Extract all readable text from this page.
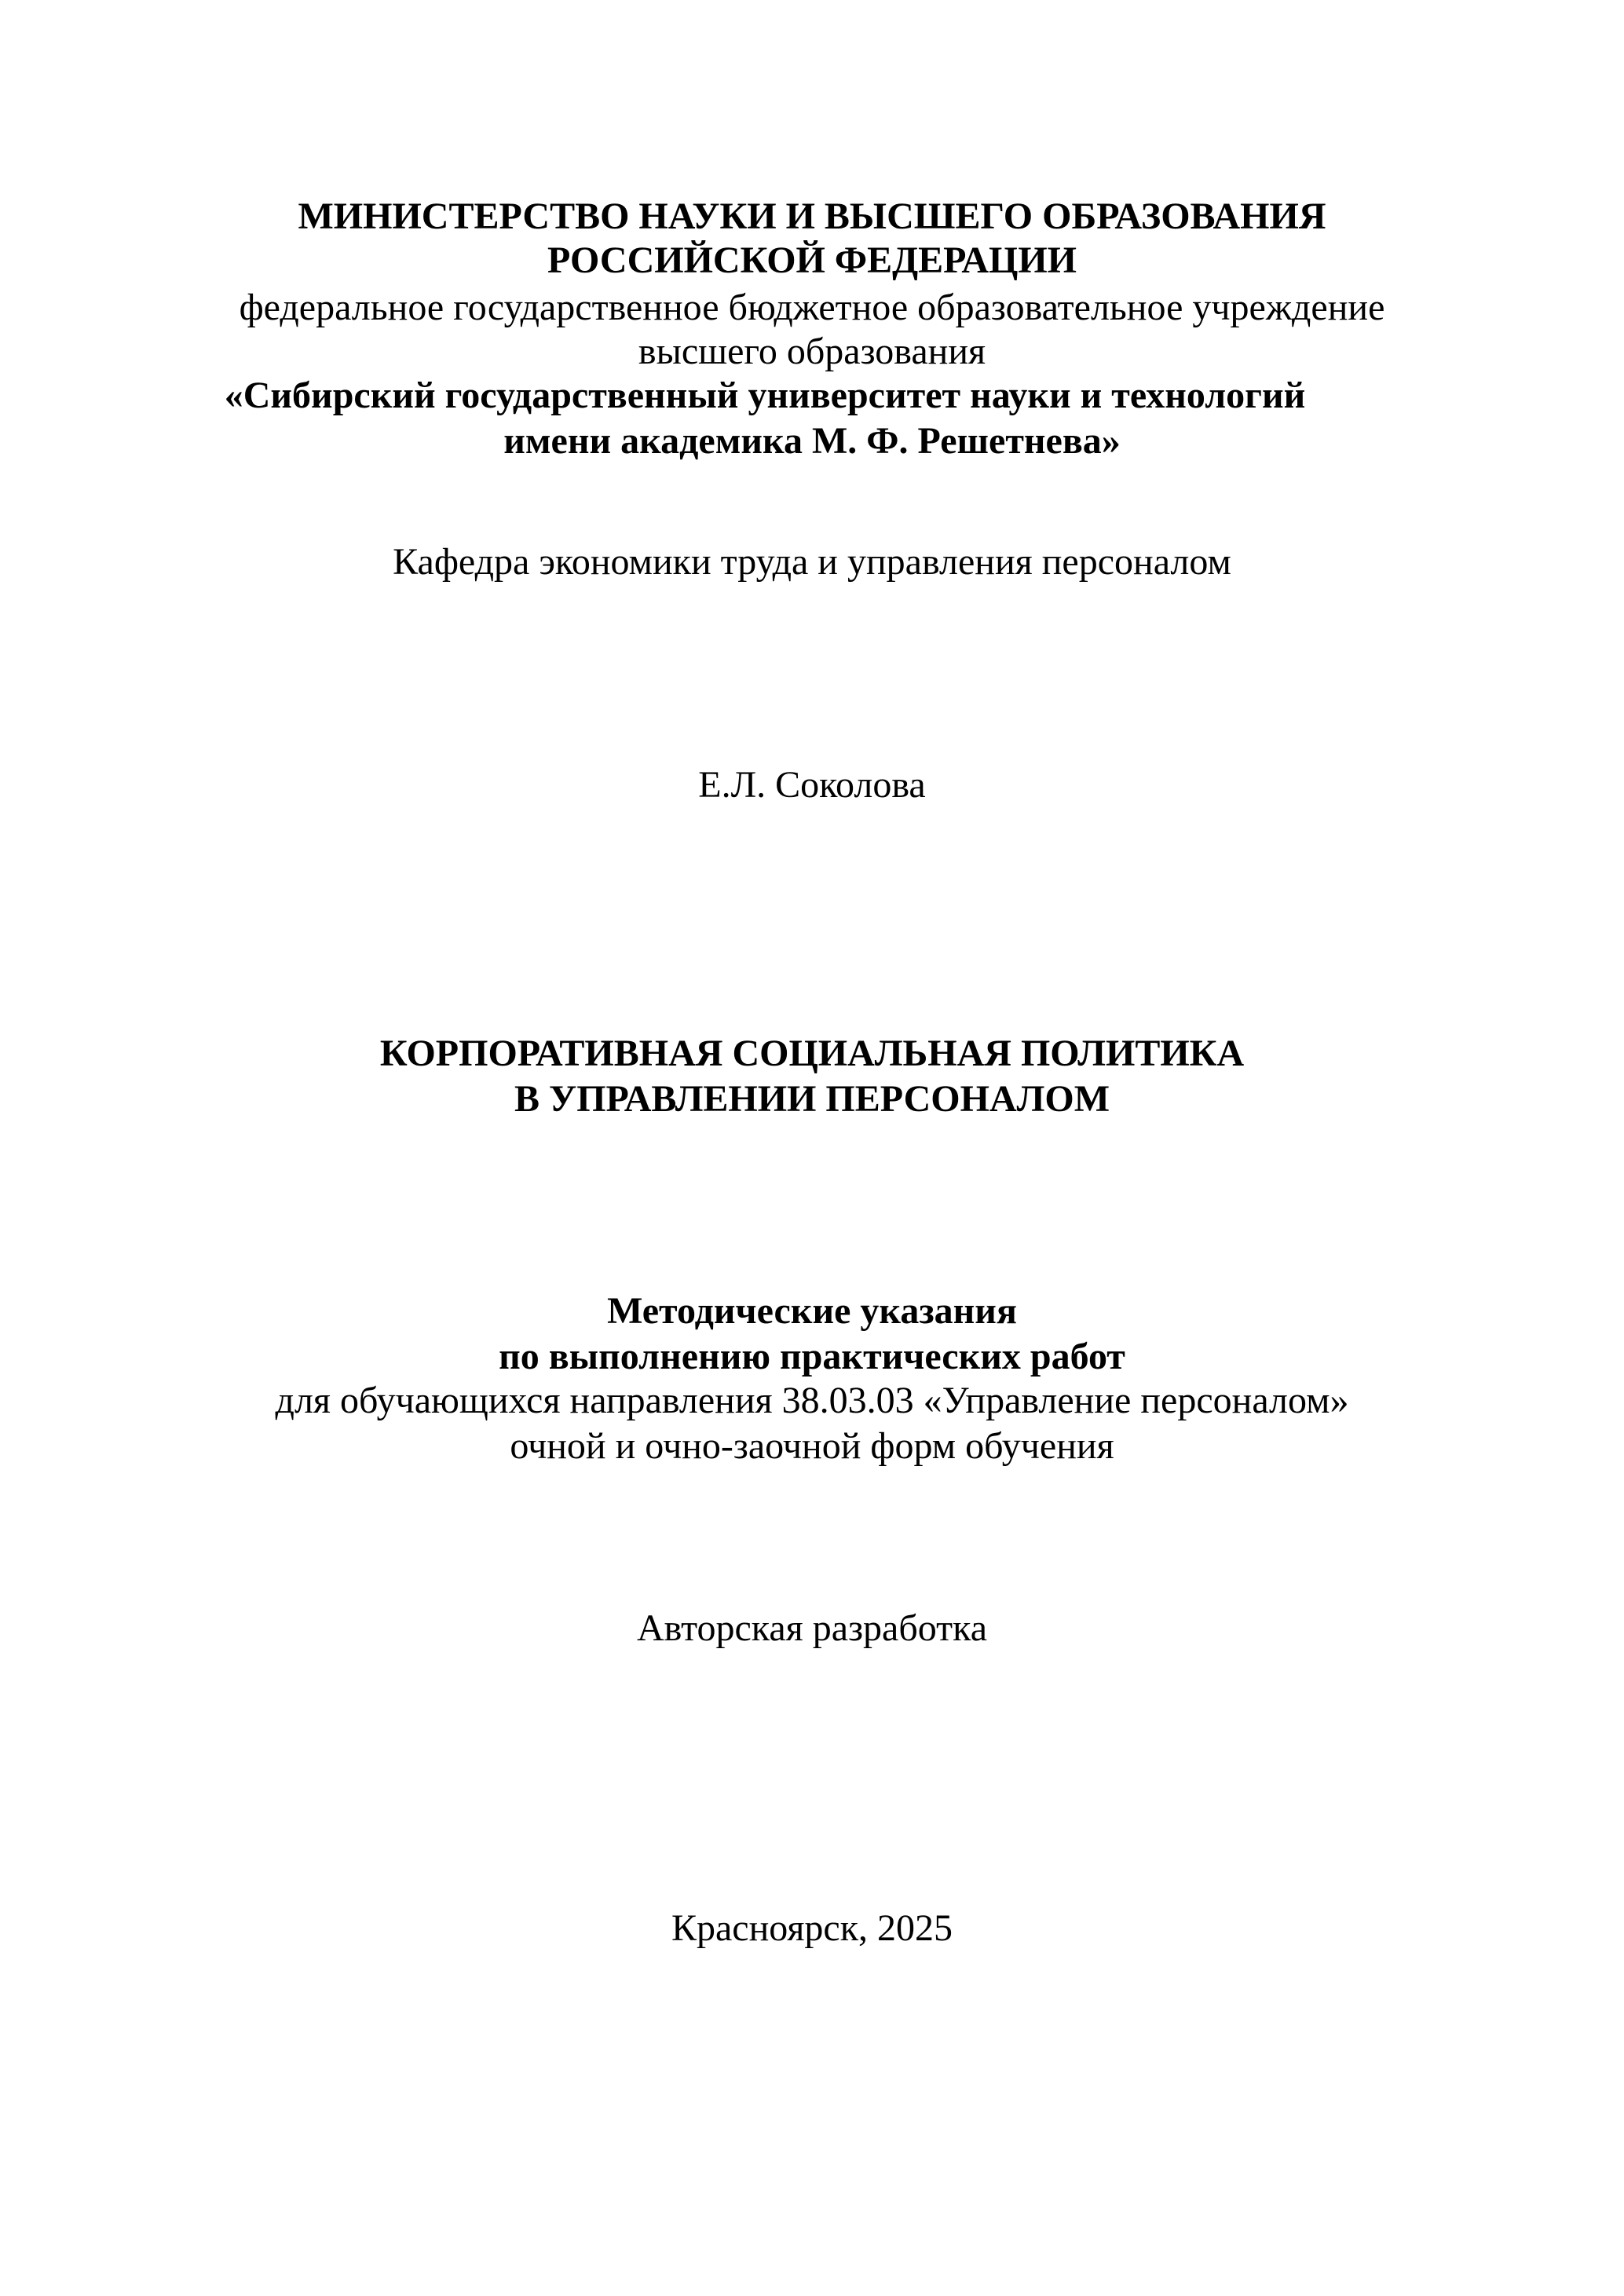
МИНИСТЕРСТВО НАУКИ И ВЫСШЕГО ОБРАЗОВАНИЯ
РОССИЙСКОЙ ФЕДЕРАЦИИ
федеральное государственное бюджетное образовательное учреждение
высшего образования
«Сибирский государственный университет науки и технологий
имени академика М. Ф. Решетнева»
Кафедра экономики труда и управления персоналом
Е.Л. Соколова
КОРПОРАТИВНАЯ СОЦИАЛЬНАЯ ПОЛИТИКА
В УПРАВЛЕНИИ ПЕРСОНАЛОМ
Методические указания
по выполнению практических работ
для обучающихся направления 38.03.03 «Управление персоналом»
очной и очно-заочной форм обучения
Авторская разработка
Красноярск, 2025
